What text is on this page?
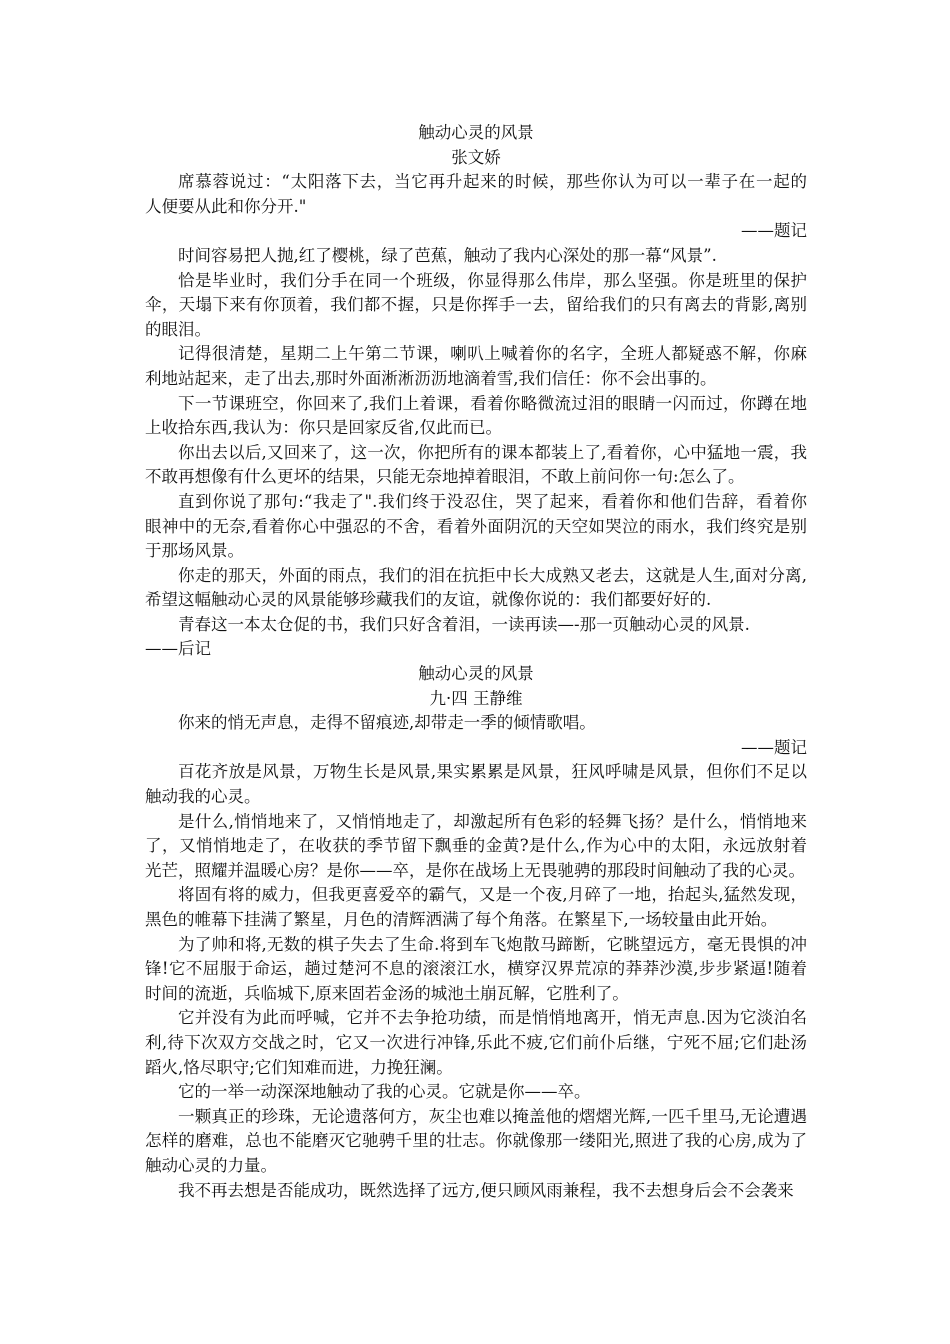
触动心灵的风景
张文娇
席慕蓉说过：“太阳落下去，当它再升起来的时候，那些你认为可以一辈子在一起的
人便要从此和你分开."
——题记
时间容易把人抛,红了樱桃，绿了芭蕉，触动了我内心深处的那一幕“风景”.
恰是毕业时，我们分手在同一个班级，你显得那么伟岸，那么坚强。你是班里的保护
伞，天塌下来有你顶着，我们都不握，只是你挥手一去，留给我们的只有离去的背影,离别
的眼泪。
记得很清楚，星期二上午第二节课，喇叭上喊着你的名字，全班人都疑惑不解，你麻
利地站起来，走了出去,那时外面淅淅沥沥地滴着雪,我们信任：你不会出事的。
下一节课班空，你回来了,我们上着课，看着你略微流过泪的眼睛一闪而过，你蹲在地
上收拾东西,我认为：你只是回家反省,仅此而已。
你出去以后,又回来了，这一次，你把所有的课本都装上了,看着你，心中猛地一震，我
不敢再想像有什么更坏的结果，只能无奈地掉着眼泪，不敢上前问你一句:怎么了。
直到你说了那句:“我走了".我们终于没忍住，哭了起来，看着你和他们告辞，看着你
眼神中的无奈,看着你心中强忍的不舍，看着外面阴沉的天空如哭泣的雨水，我们终究是别
于那场风景。
你走的那天，外面的雨点，我们的泪在抗拒中长大成熟又老去，这就是人生,面对分离,
希望这幅触动心灵的风景能够珍藏我们的友谊，就像你说的：我们都要好好的.
青春这一本太仓促的书，我们只好含着泪，一读再读—-那一页触动心灵的风景.
——后记
触动心灵的风景
九·四 王静维
你来的悄无声息，走得不留痕迹,却带走一季的倾情歌唱。
——题记
百花齐放是风景，万物生长是风景,果实累累是风景，狂风呼啸是风景，但你们不足以
触动我的心灵。
是什么,悄悄地来了，又悄悄地走了，却激起所有色彩的轻舞飞扬？是什么，悄悄地来
了，又悄悄地走了，在收获的季节留下飘垂的金黄?是什么,作为心中的太阳，永远放射着
光芒，照耀并温暖心房？是你——卒，是你在战场上无畏驰骋的那段时间触动了我的心灵。
将固有将的威力，但我更喜爱卒的霸气，又是一个夜,月碎了一地，抬起头,猛然发现，
黑色的帷幕下挂满了繁星，月色的清辉洒满了每个角落。在繁星下,一场较量由此开始。
为了帅和将,无数的棋子失去了生命.将到车飞炮散马蹄断，它眺望远方，毫无畏惧的冲
锋!它不屈服于命运，趟过楚河不息的滚滚江水，横穿汉界荒凉的莽莽沙漠,步步紧逼!随着
时间的流逝，兵临城下,原来固若金汤的城池土崩瓦解，它胜利了。
它并没有为此而呼喊，它并不去争抢功绩，而是悄悄地离开，悄无声息.因为它淡泊名
利,待下次双方交战之时，它又一次进行冲锋,乐此不疲,它们前仆后继，宁死不屈;它们赴汤
蹈火,恪尽职守;它们知难而进，力挽狂澜。
它的一举一动深深地触动了我的心灵。它就是你——卒。
一颗真正的珍珠，无论遗落何方，灰尘也难以掩盖他的熠熠光辉,一匹千里马,无论遭遇
怎样的磨难，总也不能磨灭它驰骋千里的壮志。你就像那一缕阳光,照进了我的心房,成为了
触动心灵的力量。
我不再去想是否能成功，既然选择了远方,便只顾风雨兼程，我不去想身后会不会袭来
